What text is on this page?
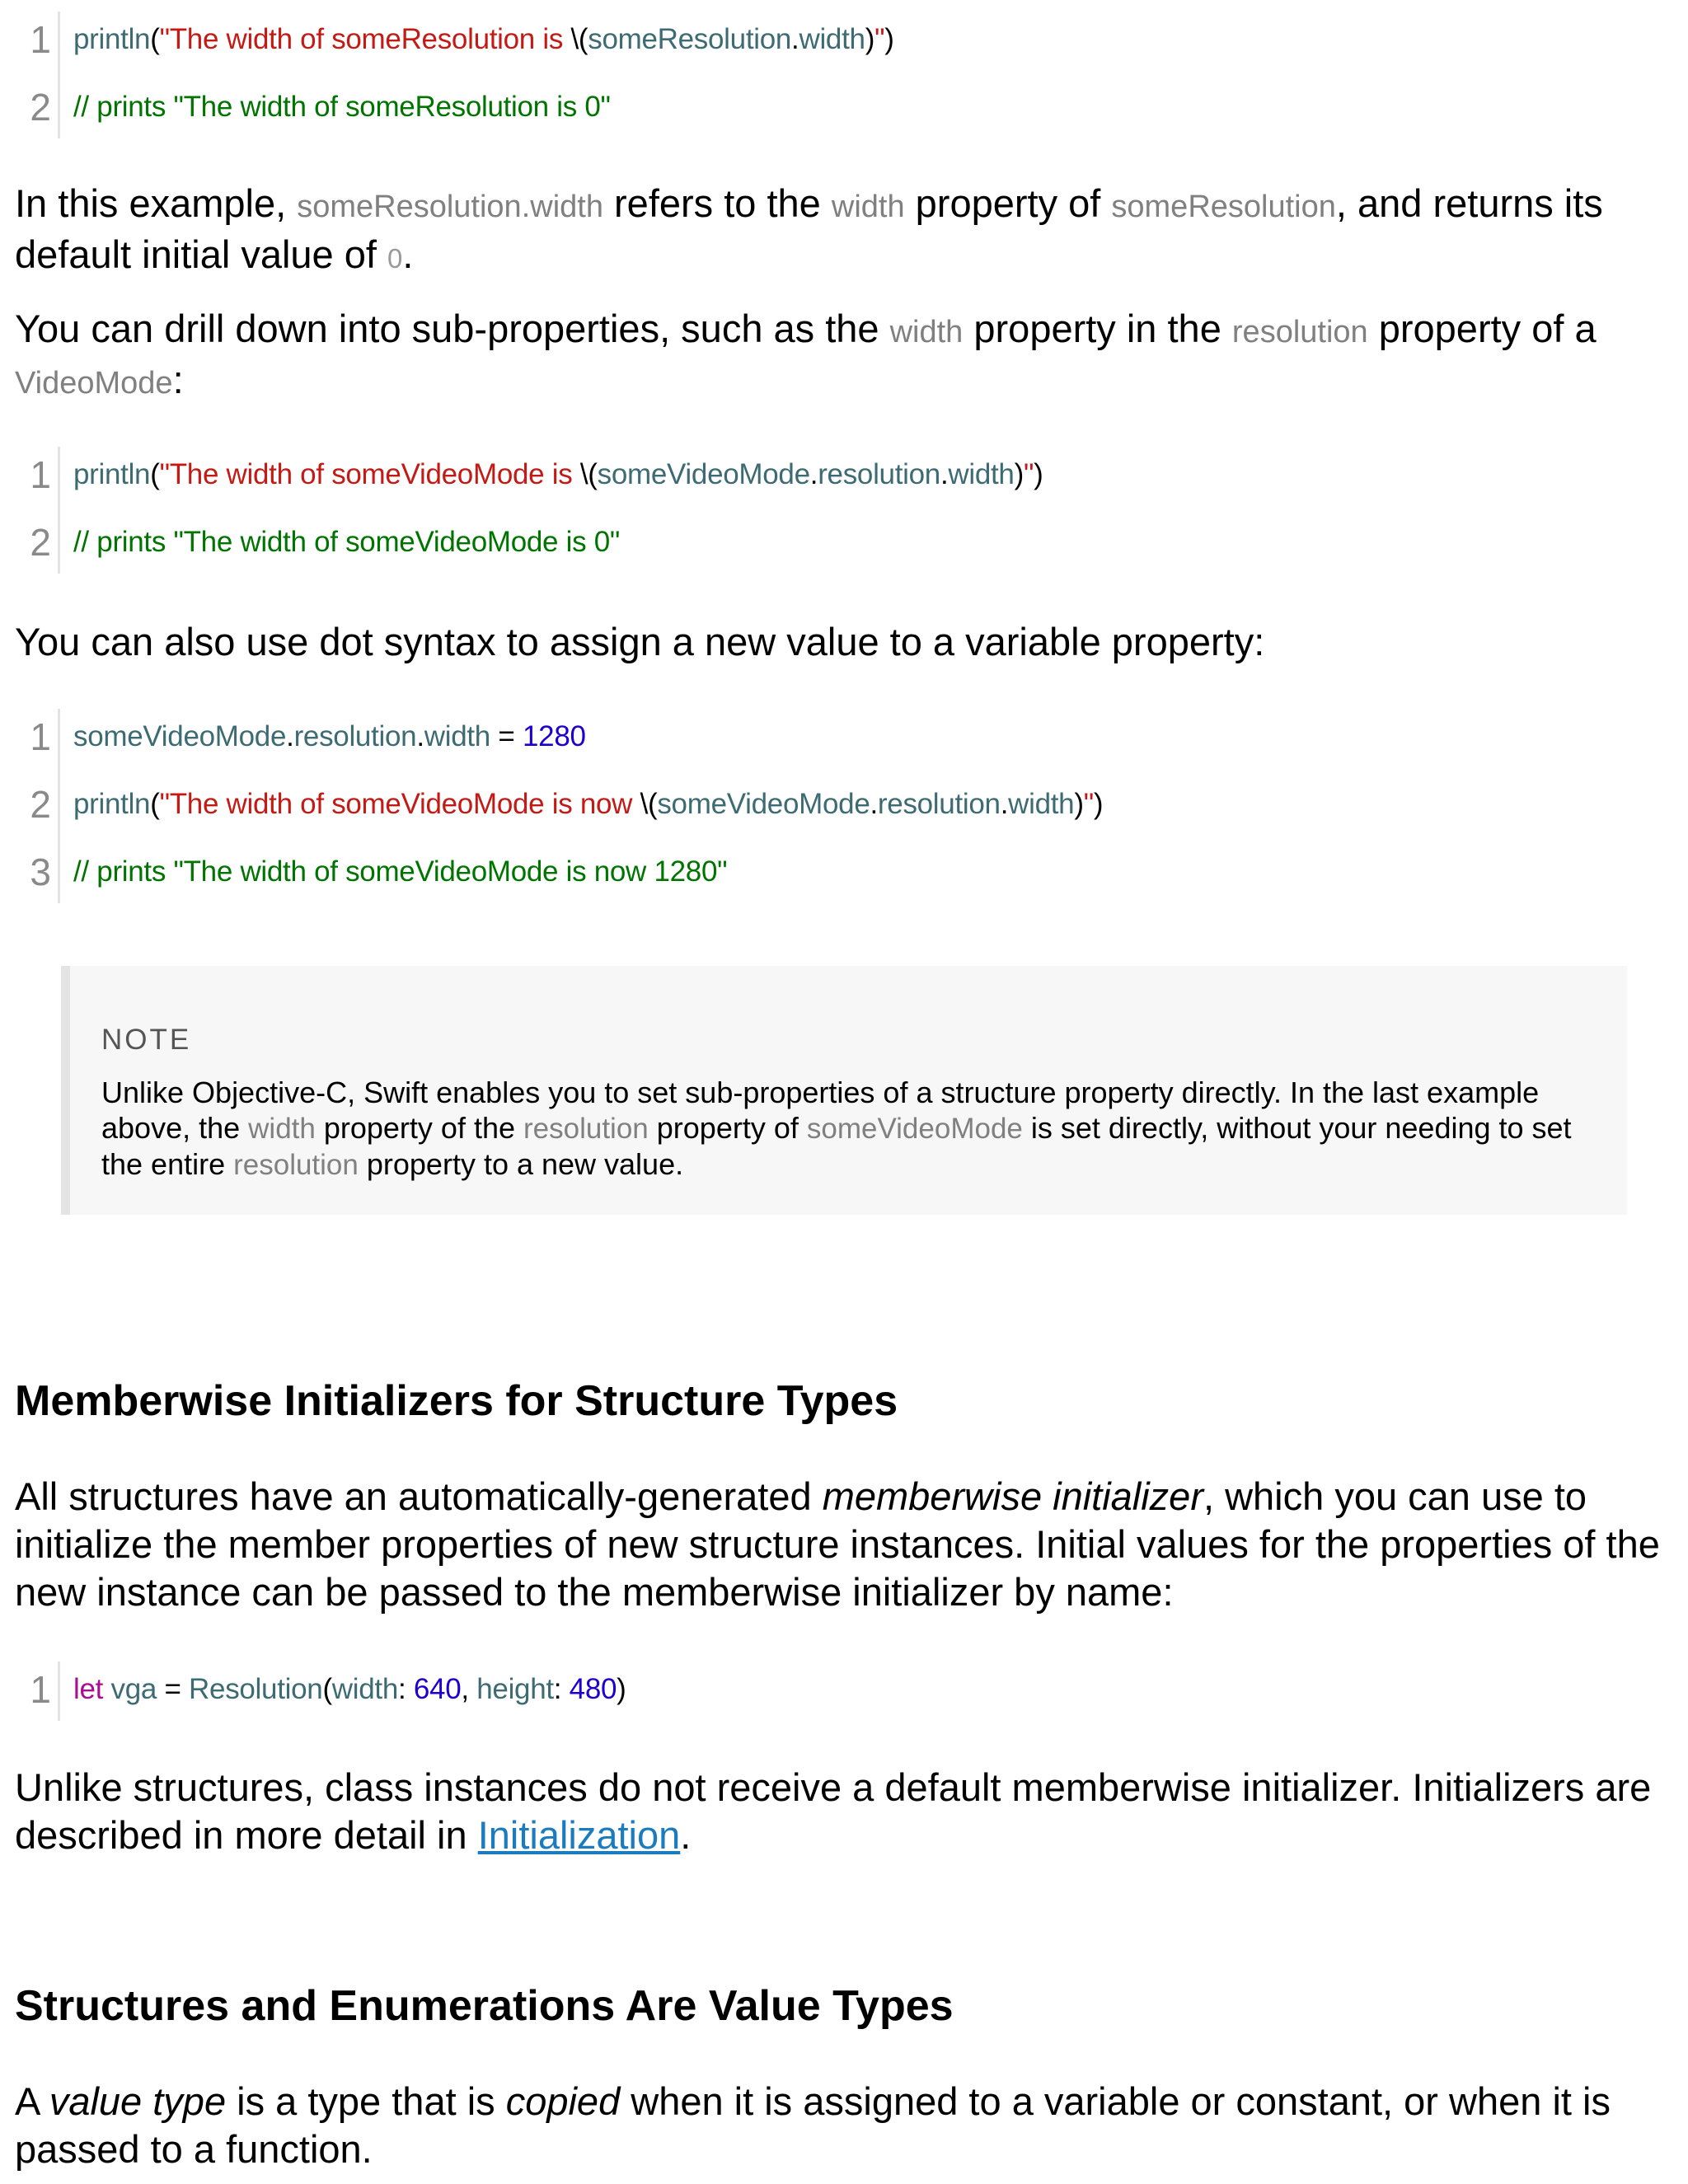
1 println("The width of someResolution is \(someResolution.width)")
2 // prints "The width of someResolution is 0"

In this example, someResolution.width refers to the width property of someResolution, and returns its default initial value of 0.

You can drill down into sub-properties, such as the width property in the resolution property of a VideoMode:

1 println("The width of someVideoMode is \(someVideoMode.resolution.width)")
2 // prints "The width of someVideoMode is 0"

You can also use dot syntax to assign a new value to a variable property:

1 someVideoMode.resolution.width = 1280
2 println("The width of someVideoMode is now \(someVideoMode.resolution.width)")
3 // prints "The width of someVideoMode is now 1280"
NOTE
Unlike Objective-C, Swift enables you to set sub-properties of a structure property directly. In the last example above, the width property of the resolution property of someVideoMode is set directly, without your needing to set the entire resolution property to a new value.
Memberwise Initializers for Structure Types

All structures have an automatically-generated memberwise initializer, which you can use to initialize the member properties of new structure instances. Initial values for the properties of the new instance can be passed to the memberwise initializer by name:

1 let vga = Resolution(width: 640, height: 480)

Unlike structures, class instances do not receive a default memberwise initializer. Initializers are described in more detail in Initialization.

Structures and Enumerations Are Value Types

A value type is a type that is copied when it is assigned to a variable or constant, or when it is passed to a function.
